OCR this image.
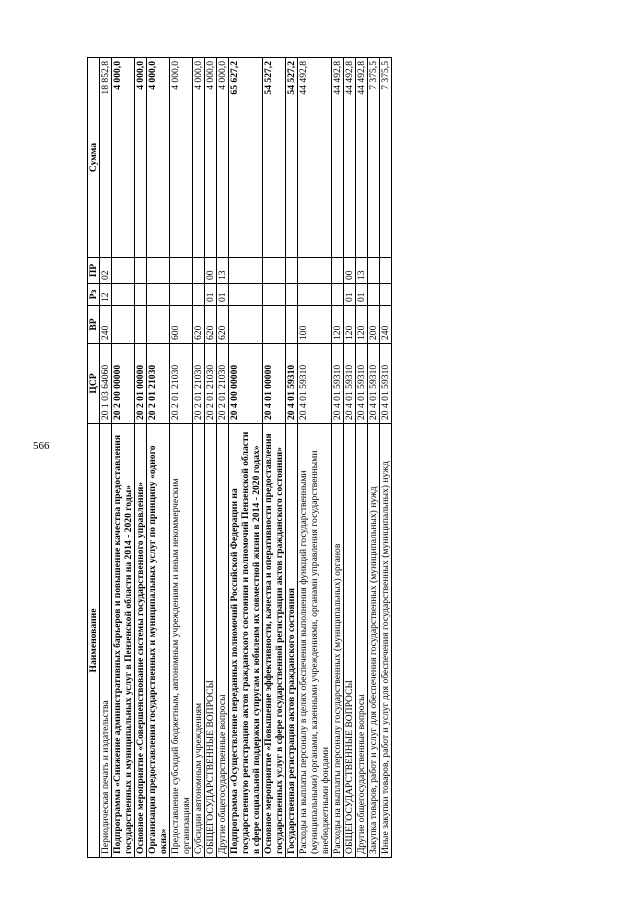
566
Наименование	ЦСР	ВР	Рз	ПР	Сумма
Периодическая печать и издательства	20 1 03 64060	240	12	02	18 852,8
Подпрограмма «Снижение административных барьеров и повышение качества предоставления государственных и муниципальных услуг в Пензенской области на 2014 - 2020 годы»	20 2 00 00000				4 000,0
Основное мероприятие «Совершенствование системы государственного управления»	20 2 01 00000				4 000,0
Организация предоставления государственных и муниципальных услуг по принципу «одного окна»	20 2 01 21030				4 000,0
Предоставление субсидий бюджетным, автономным учреждениям и иным некоммерческим организациям	20 2 01 21030	600			4 000,0
Субсидии автономным учреждениям	20 2 01 21030	620			4 000,0
ОБЩЕГОСУДАРСТВЕННЫЕ ВОПРОСЫ	20 2 01 21030	620	01	00	4 000,0
Другие общегосударственные вопросы	20 2 01 21030	620	01	13	4 000,0
Подпрограмма «Осуществление переданных полномочий Российской Федерации на государственную регистрацию актов гражданского состояния и полномочий Пензенской области в сфере социальной поддержки супругам к юбилеям их совместной жизни в 2014 - 2020 годах»	20 4 00 00000				65 627,2
Основное мероприятие «Повышение эффективности, качества и оперативности предоставления государственных услуг в сфере государственной регистрации актов гражданского состояния»	20 4 01 00000				54 527,2
Государственная регистрация актов гражданского состояния	20 4 01 59310				54 527,2
Расходы на выплаты персоналу в целях обеспечения выполнения функций государственными (муниципальными) органами, казенными учреждениями, органами управления государственными внебюджетными фондами	20 4 01 59310	100			44 492,8
Расходы на выплаты персоналу государственных (муниципальных) органов	20 4 01 59310	120			44 492,8
ОБЩЕГОСУДАРСТВЕННЫЕ ВОПРОСЫ	20 4 01 59310	120	01	00	44 492,8
Другие общегосударственные вопросы	20 4 01 59310	120	01	13	44 492,8
Закупка товаров, работ и услуг для обеспечения государственных (муниципальных) нужд	20 4 01 59310	200			7 375,5
Иные закупки товаров, работ и услуг для обеспечения государственных (муниципальных) нужд	20 4 01 59310	240			7 375,5
